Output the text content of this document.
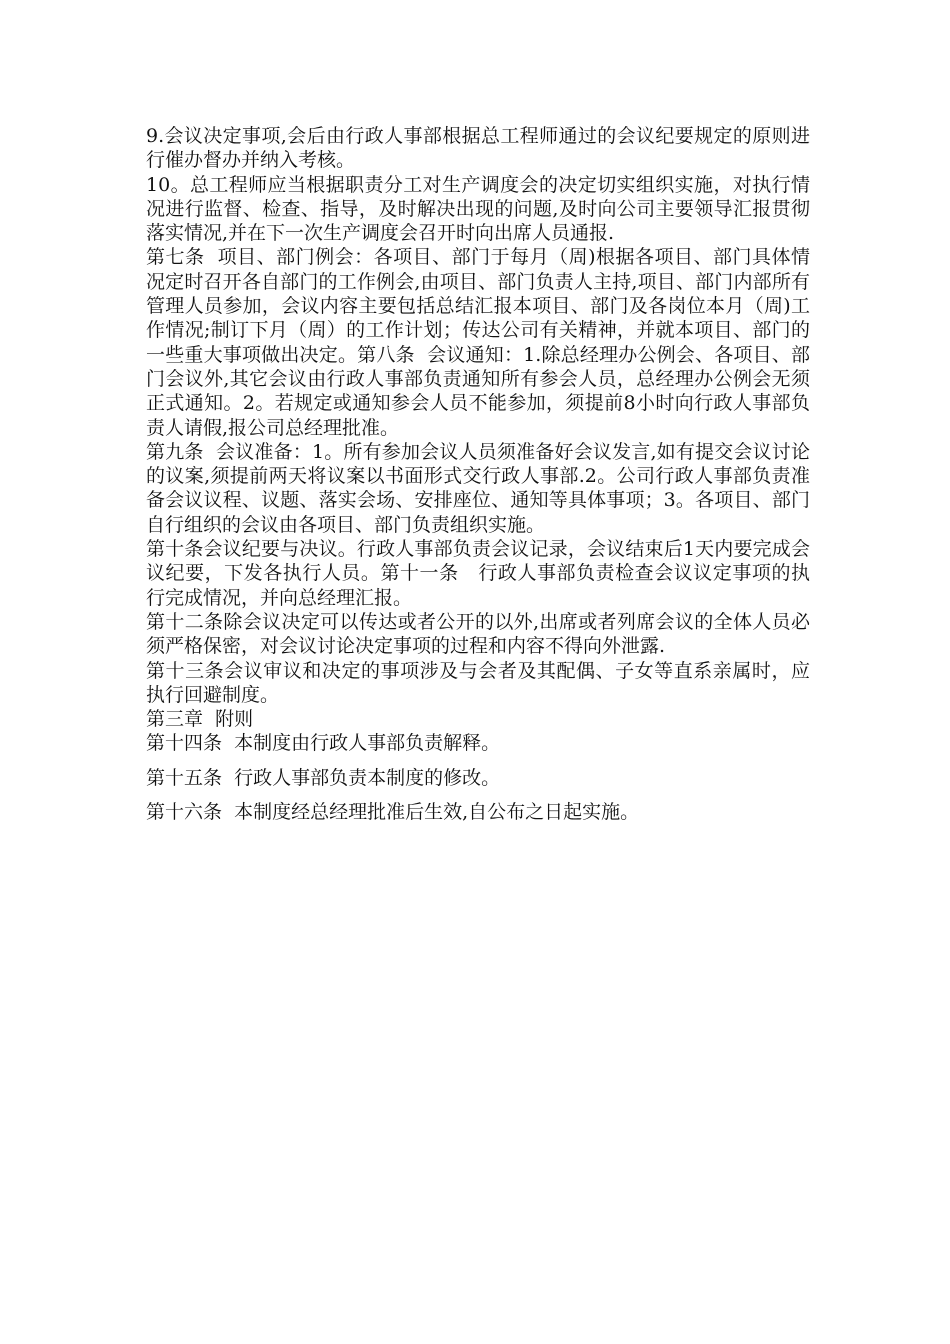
9.会议决定事项,会后由行政人事部根据总工程师通过的会议纪要规定的原则进行催办督办并纳入考核。

10。总工程师应当根据职责分工对生产调度会的决定切实组织实施，对执行情况进行监督、检查、指导，及时解决出现的问题,及时向公司主要领导汇报贯彻落实情况,并在下一次生产调度会召开时向出席人员通报.

第七条  项目、部门例会：各项目、部门于每月（周)根据各项目、部门具体情况定时召开各自部门的工作例会,由项目、部门负责人主持,项目、部门内部所有管理人员参加，会议内容主要包括总结汇报本项目、部门及各岗位本月（周)工作情况;制订下月（周）的工作计划；传达公司有关精神，并就本项目、部门的一些重大事项做出决定。第八条  会议通知：1.除总经理办公例会、各项目、部门会议外,其它会议由行政人事部负责通知所有参会人员，总经理办公例会无须正式通知。2。若规定或通知参会人员不能参加，须提前8小时向行政人事部负责人请假,报公司总经理批准。

第九条  会议准备：1。所有参加会议人员须准备好会议发言,如有提交会议讨论的议案,须提前两天将议案以书面形式交行政人事部.2。公司行政人事部负责准备会议议程、议题、落实会场、安排座位、通知等具体事项；3。各项目、部门自行组织的会议由各项目、部门负责组织实施。

第十条会议纪要与决议。行政人事部负责会议记录，会议结束后1天内要完成会议纪要，下发各执行人员。第十一条   行政人事部负责检查会议议定事项的执行完成情况，并向总经理汇报。

第十二条除会议决定可以传达或者公开的以外,出席或者列席会议的全体人员必须严格保密，对会议讨论决定事项的过程和内容不得向外泄露.

第十三条会议审议和决定的事项涉及与会者及其配偶、子女等直系亲属时，应执行回避制度。

第三章  附则

第十四条  本制度由行政人事部负责解释。

第十五条  行政人事部负责本制度的修改。

第十六条  本制度经总经理批准后生效,自公布之日起实施。
